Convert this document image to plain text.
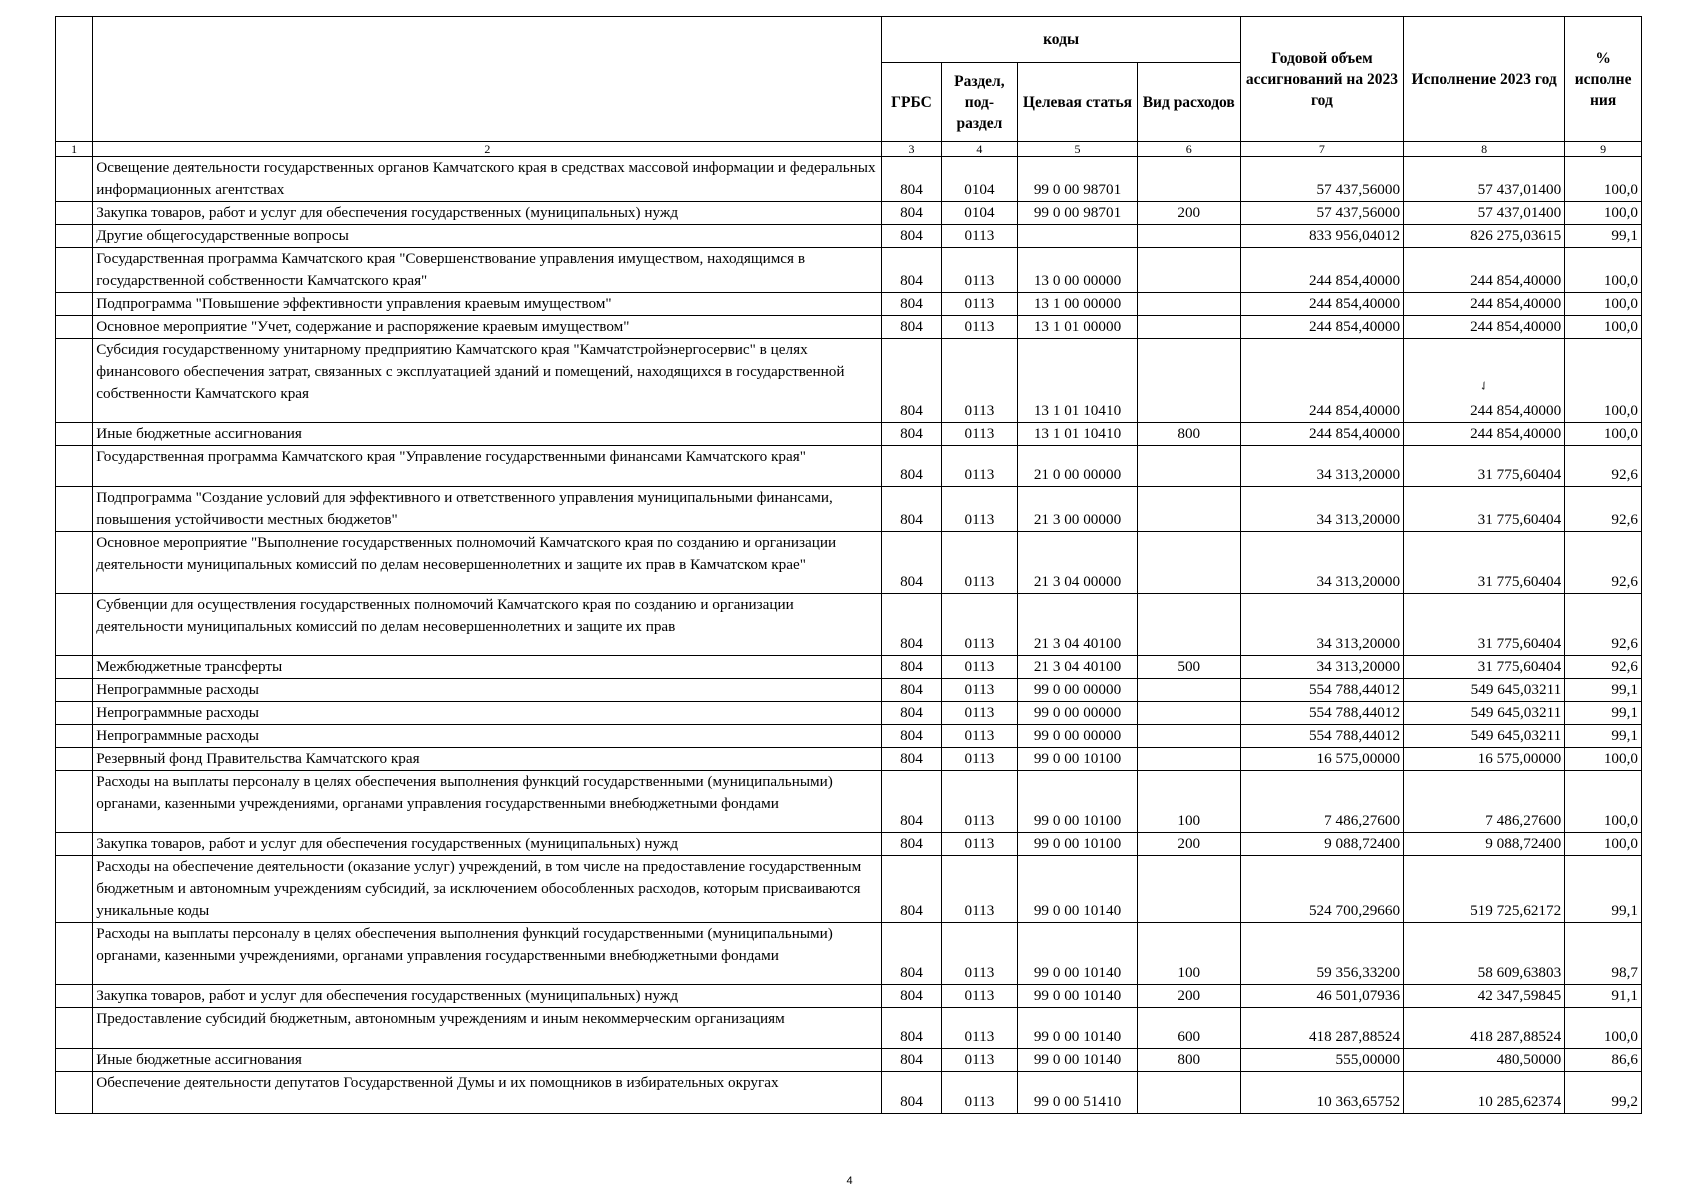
		коды				Годовой объем ассигнований на 2023 год	Исполнение 2023 год	% исполне ния
		ГРБС	Раздел, под-раздел	Целевая статья	Вид расходов			
1	2	3	4	5	6	7	8	9
	Освещение деятельности государственных органов Камчатского края в средствах массовой информации и федеральных информационных агентствах	804	0104	99 0 00 98701		57 437,56000	57 437,01400	100,0
	Закупка товаров, работ и услуг для обеспечения государственных (муниципальных) нужд	804	0104	99 0 00 98701	200	57 437,56000	57 437,01400	100,0
	Другие общегосударственные вопросы	804	0113			833 956,04012	826 275,03615	99,1
	Государственная программа Камчатского края "Совершенствование управления имуществом, находящимся в государственной собственности Камчатского края"	804	0113	13 0 00 00000		244 854,40000	244 854,40000	100,0
	Подпрограмма "Повышение эффективности управления краевым имуществом"	804	0113	13 1 00 00000		244 854,40000	244 854,40000	100,0
	Основное мероприятие "Учет, содержание и распоряжение краевым имуществом"	804	0113	13 1 01 00000		244 854,40000	244 854,40000	100,0
	Субсидия государственному унитарному предприятию Камчатского края "Камчатстройэнергосервис" в целях финансового обеспечения затрат, связанных с эксплуатацией зданий и помещений, находящихся в государственной собственности Камчатского края	804	0113	13 1 01 10410		244 854,40000	244 854,40000	100,0
	Иные бюджетные ассигнования	804	0113	13 1 01 10410	800	244 854,40000	244 854,40000	100,0
	Государственная программа Камчатского края "Управление государственными финансами Камчатского края"	804	0113	21 0 00 00000		34 313,20000	31 775,60404	92,6
	Подпрограмма "Создание условий для эффективного и ответственного управления муниципальными финансами, повышения устойчивости местных бюджетов"	804	0113	21 3 00 00000		34 313,20000	31 775,60404	92,6
	Основное мероприятие "Выполнение государственных полномочий Камчатского края по созданию и организации деятельности муниципальных комиссий по делам несовершеннолетних и защите их прав в Камчатском крае"	804	0113	21 3 04 00000		34 313,20000	31 775,60404	92,6
	Субвенции для осуществления государственных полномочий Камчатского края по созданию и организации деятельности муниципальных комиссий по делам несовершеннолетних и защите их прав	804	0113	21 3 04 40100		34 313,20000	31 775,60404	92,6
	Межбюджетные трансферты	804	0113	21 3 04 40100	500	34 313,20000	31 775,60404	92,6
	Непрограммные расходы	804	0113	99 0 00 00000		554 788,44012	549 645,03211	99,1
	Непрограммные расходы	804	0113	99 0 00 00000		554 788,44012	549 645,03211	99,1
	Непрограммные расходы	804	0113	99 0 00 00000		554 788,44012	549 645,03211	99,1
	Резервный фонд Правительства Камчатского края	804	0113	99 0 00 10100		16 575,00000	16 575,00000	100,0
	Расходы на выплаты персоналу в целях обеспечения выполнения функций государственными (муниципальными) органами, казенными учреждениями, органами управления государственными внебюджетными фондами	804	0113	99 0 00 10100	100	7 486,27600	7 486,27600	100,0
	Закупка товаров, работ и услуг для обеспечения государственных (муниципальных) нужд	804	0113	99 0 00 10100	200	9 088,72400	9 088,72400	100,0
	Расходы на обеспечение деятельности (оказание услуг) учреждений, в том числе на предоставление государственным бюджетным и автономным учреждениям субсидий, за исключением обособленных расходов, которым присваиваются уникальные коды	804	0113	99 0 00 10140		524 700,29660	519 725,62172	99,1
	Расходы на выплаты персоналу в целях обеспечения выполнения функций государственными (муниципальными) органами, казенными учреждениями, органами управления государственными внебюджетными фондами	804	0113	99 0 00 10140	100	59 356,33200	58 609,63803	98,7
	Закупка товаров, работ и услуг для обеспечения государственных (муниципальных) нужд	804	0113	99 0 00 10140	200	46 501,07936	42 347,59845	91,1
	Предоставление субсидий бюджетным, автономным учреждениям и иным некоммерческим организациям	804	0113	99 0 00 10140	600	418 287,88524	418 287,88524	100,0
	Иные бюджетные ассигнования	804	0113	99 0 00 10140	800	555,00000	480,50000	86,6
	Обеспечение деятельности депутатов Государственной Думы и их помощников в избирательных округах	804	0113	99 0 00 51410		10 363,65752	10 285,62374	99,2
✓
4
